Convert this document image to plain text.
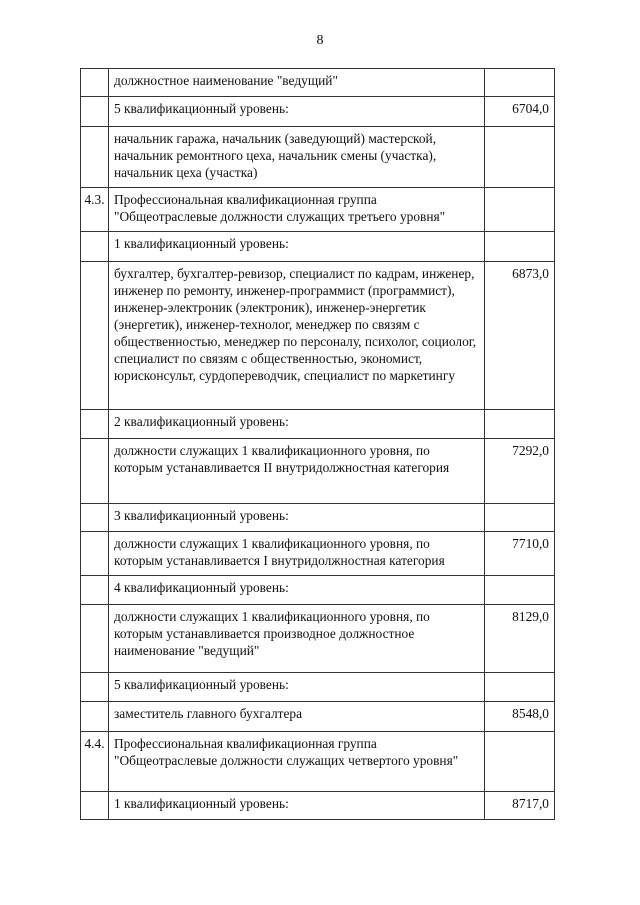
8
	должностное наименование "ведущий"	
	5 квалификационный уровень:	6704,0
	начальник гаража, начальник (заведующий) мастерской, начальник ремонтного цеха, начальник смены (участка), начальник цеха (участка)	
4.3.	Профессиональная квалификационная группа "Общеотраслевые должности служащих третьего уровня"	
	1 квалификационный уровень:	
	бухгалтер, бухгалтер-ревизор, специалист по кадрам, инженер, инженер по ремонту, инженер-программист (программист), инженер-электроник (электроник), инженер-энергетик (энергетик), инженер-технолог, менеджер по связям с общественностью, менеджер по персоналу, психолог, социолог, специалист по связям с общественностью, экономист, юрисконсульт, сурдопереводчик, специалист по маркетингу	6873,0
	2 квалификационный уровень:	
	должности служащих 1 квалификационного уровня, по которым устанавливается II внутридолжностная категория	7292,0
	3 квалификационный уровень:	
	должности служащих 1 квалификационного уровня, по которым устанавливается I внутридолжностная категория	7710,0
	4 квалификационный уровень:	
	должности служащих 1 квалификационного уровня, по которым устанавливается производное должностное наименование "ведущий"	8129,0
	5 квалификационный уровень:	
	заместитель главного бухгалтера	8548,0
4.4.	Профессиональная квалификационная группа "Общеотраслевые должности служащих четвертого уровня"	
	1 квалификационный уровень:	8717,0
